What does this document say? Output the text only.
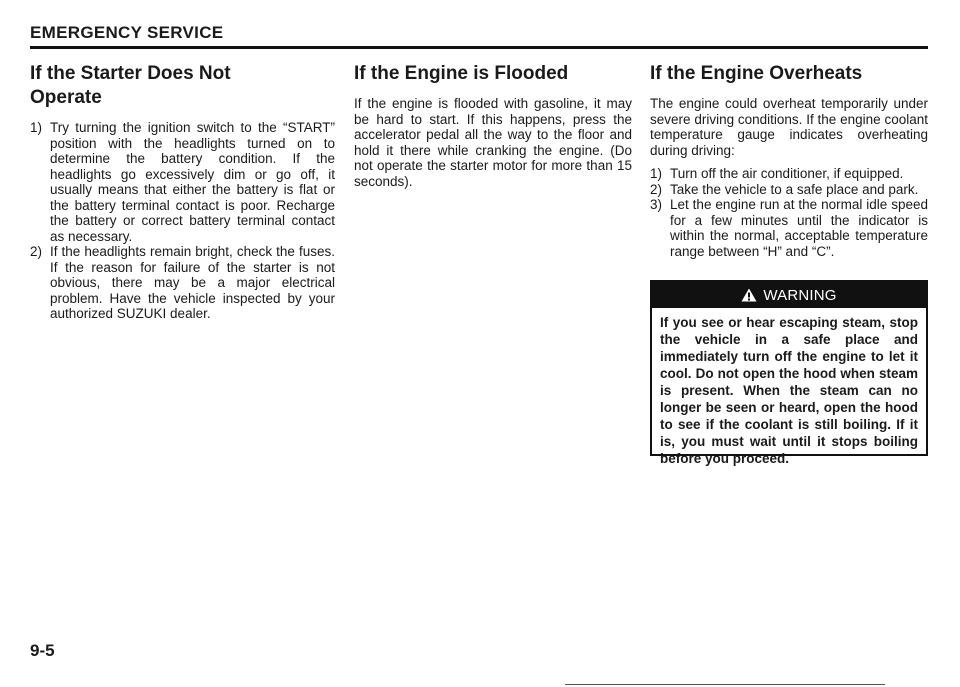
EMERGENCY SERVICE
If the Starter Does Not Operate
1) Try turning the ignition switch to the “START” position with the headlights turned on to determine the battery condition. If the headlights go excessively dim or go off, it usually means that either the battery is flat or the battery terminal contact is poor. Recharge the battery or correct battery terminal contact as necessary.
2) If the headlights remain bright, check the fuses. If the reason for failure of the starter is not obvious, there may be a major electrical problem. Have the vehicle inspected by your authorized SUZUKI dealer.
If the Engine is Flooded

If the engine is flooded with gasoline, it may be hard to start. If this happens, press the accelerator pedal all the way to the floor and hold it there while cranking the engine. (Do not operate the starter motor for more than 15 seconds).

If the Engine Overheats

The engine could overheat temporarily under severe driving conditions. If the engine coolant temperature gauge indicates overheating during driving:

1) Turn off the air conditioner, if equipped.
2) Take the vehicle to a safe place and park.
3) Let the engine run at the normal idle speed for a few minutes until the indicator is within the normal, acceptable temperature range between “H” and “C”.
WARNING
If you see or hear escaping steam, stop the vehicle in a safe place and immediately turn off the engine to let it cool. Do not open the hood when steam is present. When the steam can no longer be seen or heard, open the hood to see if the coolant is still boiling. If it is, you must wait until it stops boiling before you proceed.
9-5
